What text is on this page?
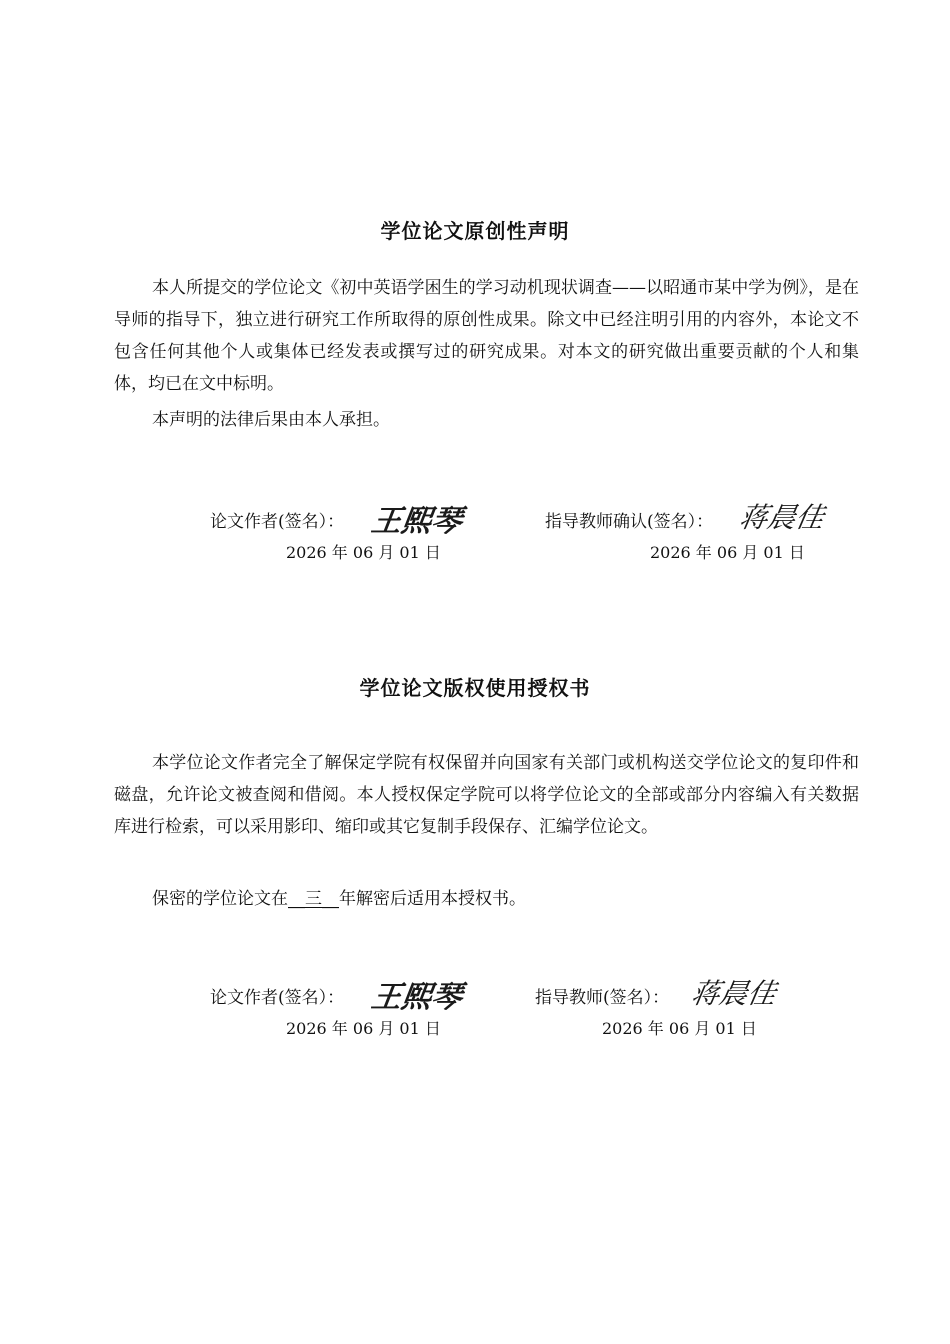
学位论文原创性声明

本人所提交的学位论文《初中英语学困生的学习动机现状调查——以昭通市某中学为例》，是在导师的指导下，独立进行研究工作所取得的原创性成果。除文中已经注明引用的内容外，本论文不包含任何其他个人或集体已经发表或撰写过的研究成果。对本文的研究做出重要贡献的个人和集体，均已在文中标明。

本声明的法律后果由本人承担。

论文作者(签名）： 王熙琴
2026 年 06 月 01 日
指导教师确认(签名）： 蒋晨佳
2026 年 06 月 01 日
学位论文版权使用授权书

本学位论文作者完全了解保定学院有权保留并向国家有关部门或机构送交学位论文的复印件和磁盘，允许论文被查阅和借阅。本人授权保定学院可以将学位论文的全部或部分内容编入有关数据库进行检索，可以采用影印、缩印或其它复制手段保存、汇编学位论文。

保密的学位论文在__三__年解密后适用本授权书。
论文作者(签名）： 王熙琴
2026 年 06 月 01 日
指导教师(签名）： 蒋晨佳
2026 年 06 月 01 日
